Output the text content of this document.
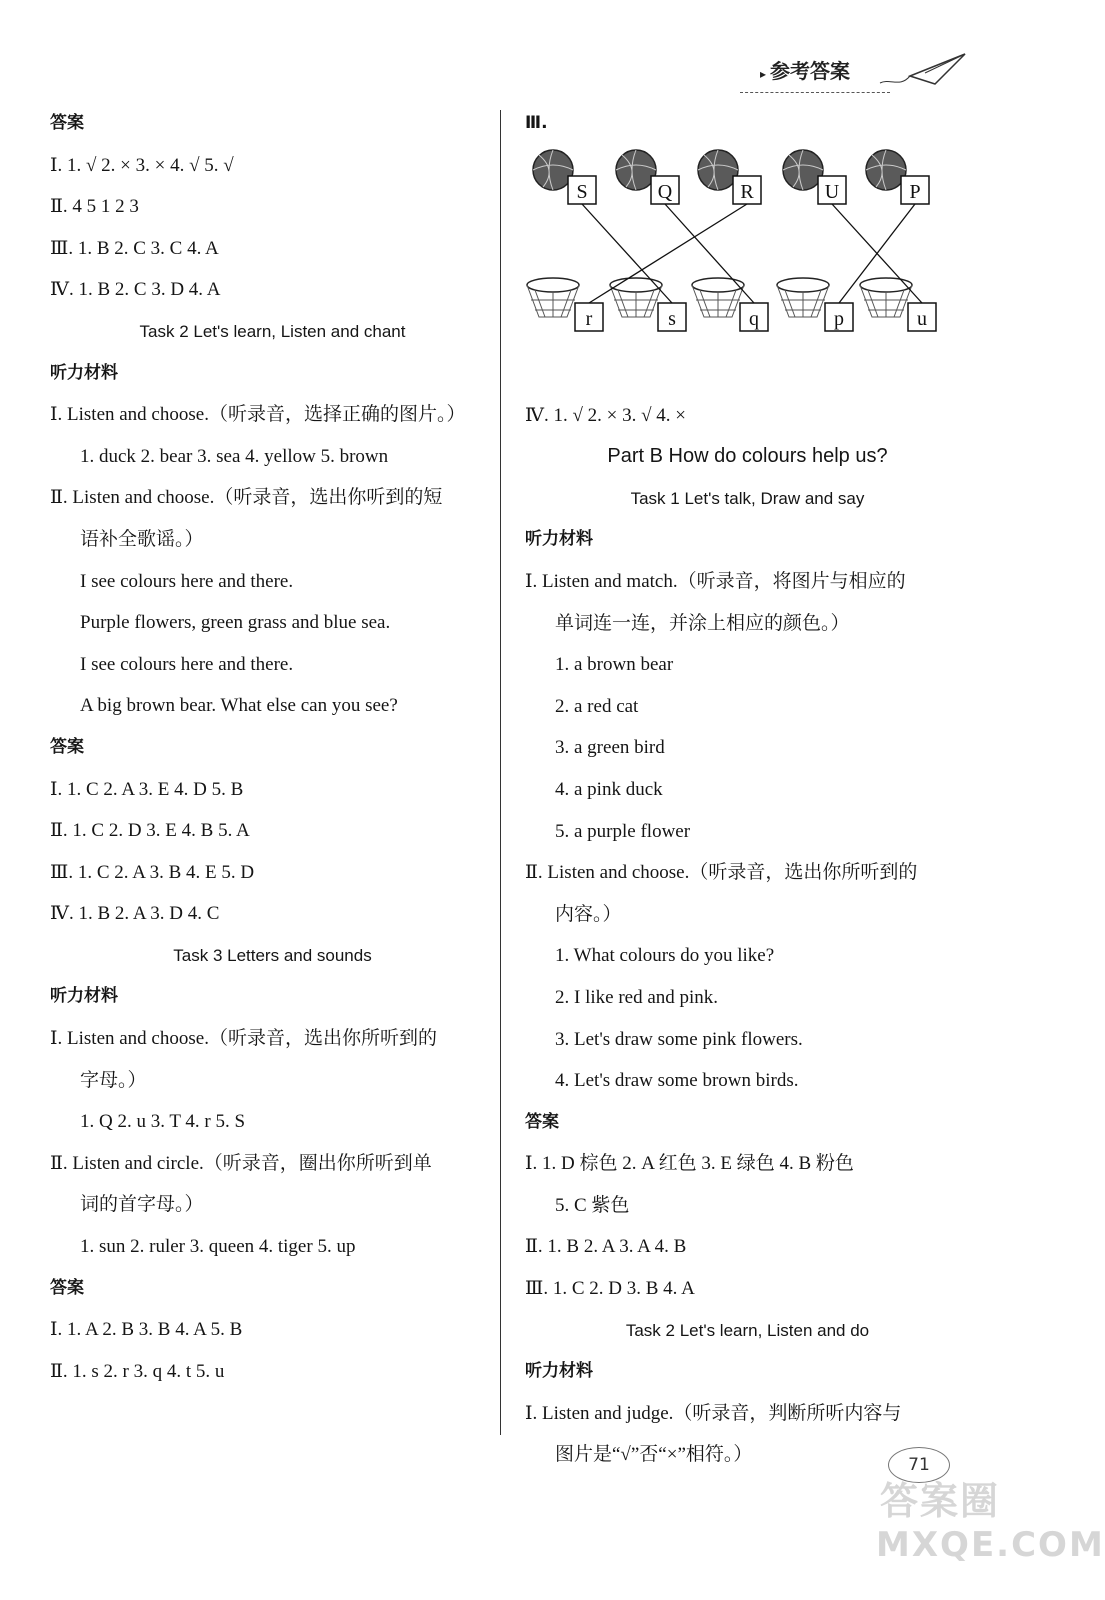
▸ 参考答案
答案
Ⅰ. 1. √ 2. × 3. × 4. √ 5. √
Ⅱ. 4 5 1 2 3
Ⅲ. 1. B 2. C 3. C 4. A
Ⅳ. 1. B 2. C 3. D 4. A
Task 2 Let's learn, Listen and chant
听力材料
Ⅰ. Listen and choose.（听录音，选择正确的图片。）
1. duck 2. bear 3. sea 4. yellow 5. brown
Ⅱ. Listen and choose.（听录音，选出你听到的短
语补全歌谣。）
I see colours here and there.
Purple flowers, green grass and blue sea.
I see colours here and there.
A big brown bear. What else can you see?
答案
Ⅰ. 1. C 2. A 3. E 4. D 5. B
Ⅱ. 1. C 2. D 3. E 4. B 5. A
Ⅲ. 1. C 2. A 3. B 4. E 5. D
Ⅳ. 1. B 2. A 3. D 4. C
Task 3 Letters and sounds
听力材料
Ⅰ. Listen and choose.（听录音，选出你所听到的
字母。）
1. Q 2. u 3. T 4. r 5. S
Ⅱ. Listen and circle.（听录音，圈出你所听到单
词的首字母。）
1. sun 2. ruler 3. queen 4. tiger 5. up
答案
Ⅰ. 1. A 2. B 3. B 4. A 5. B
Ⅱ. 1. s 2. r 3. q 4. t 5. u
Ⅲ.
Ⅳ. 1. √ 2. × 3. √ 4. ×
Part B How do colours help us?
Task 1 Let's talk, Draw and say
听力材料
Ⅰ. Listen and match.（听录音，将图片与相应的
单词连一连，并涂上相应的颜色。）
1. a brown bear
2. a red cat
3. a green bird
4. a pink duck
5. a purple flower
Ⅱ. Listen and choose.（听录音，选出你所听到的
内容。）
1. What colours do you like?
2. I like red and pink.
3. Let's draw some pink flowers.
4. Let's draw some brown birds.
答案
Ⅰ. 1. D 棕色 2. A 红色 3. E 绿色 4. B 粉色
5. C 紫色
Ⅱ. 1. B 2. A 3. A 4. B
Ⅲ. 1. C 2. D 3. B 4. A
Task 2 Let's learn, Listen and do
听力材料
Ⅰ. Listen and judge.（听录音，判断所听内容与
图片是“√”否“×”相符。）
S	Q	R	U	P
r	s	q	p	u
71
答案圈
MXQE.COM
